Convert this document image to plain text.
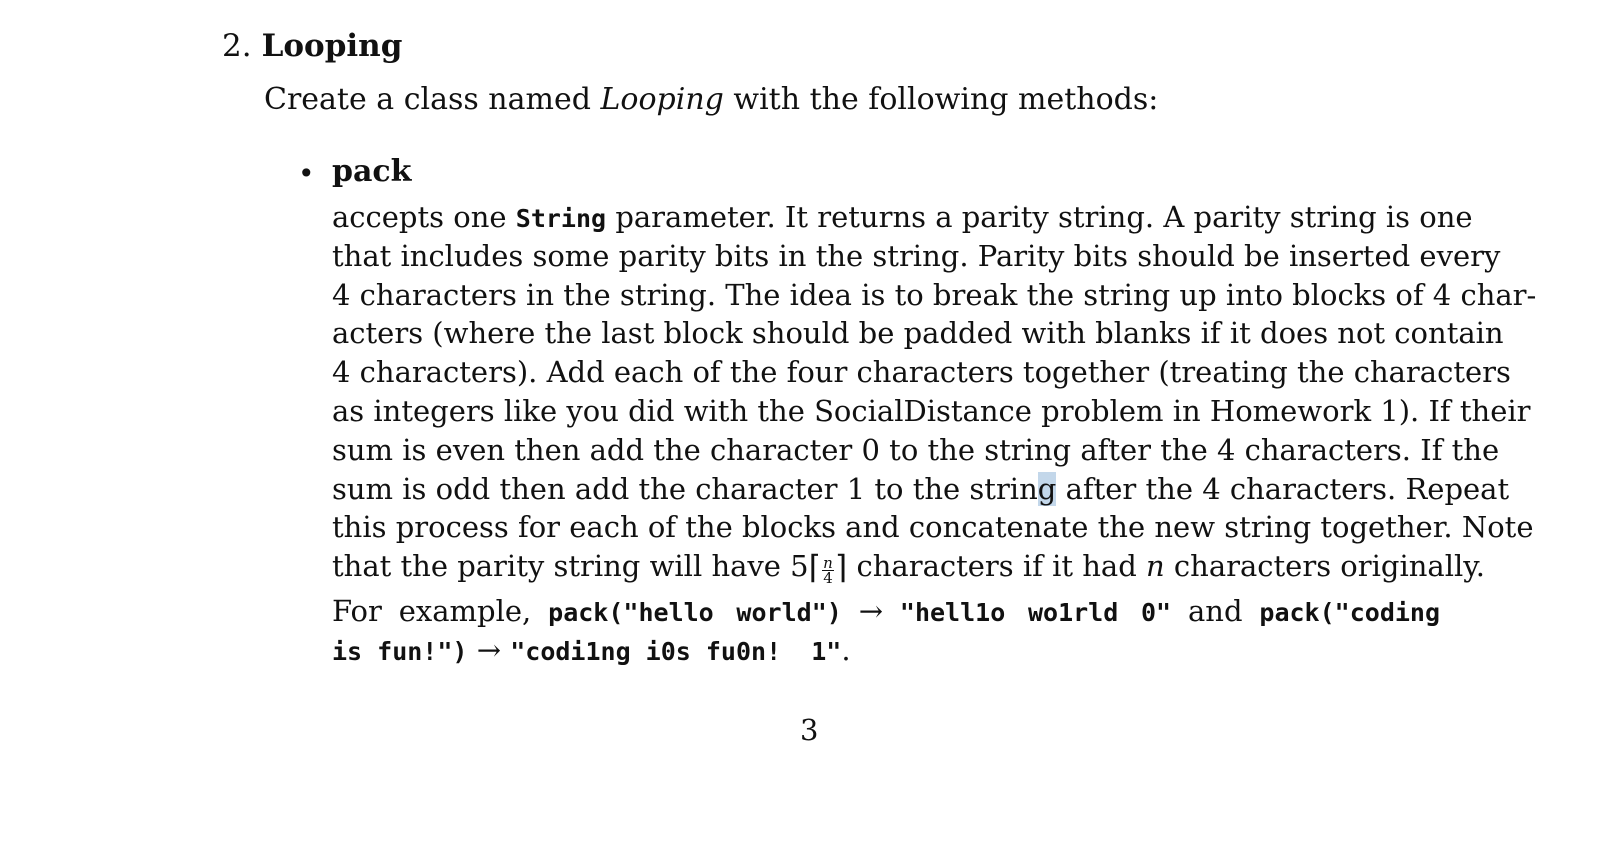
2. Looping
Create a class named Looping with the following methods:
• pack
accepts one String parameter. It returns a parity string. A parity string is one
that includes some parity bits in the string. Parity bits should be inserted every
4 characters in the string. The idea is to break the string up into blocks of 4 char-
acters (where the last block should be padded with blanks if it does not contain
4 characters). Add each of the four characters together (treating the characters
as integers like you did with the SocialDistance problem in Homework 1). If their
sum is even then add the character 0 to the string after the 4 characters. If the
sum is odd then add the character 1 to the string after the 4 characters. Repeat
this process for each of the blocks and concatenate the new string together. Note
that the parity string will have 5⌈ $\frac{n}{4}$ ⌉ characters if it had n characters originally.
For example, pack("hello world") → "hell1o wo1rld 0" and pack("coding
is fun!") → "codi1ng i0s fu0n!  1".
3
